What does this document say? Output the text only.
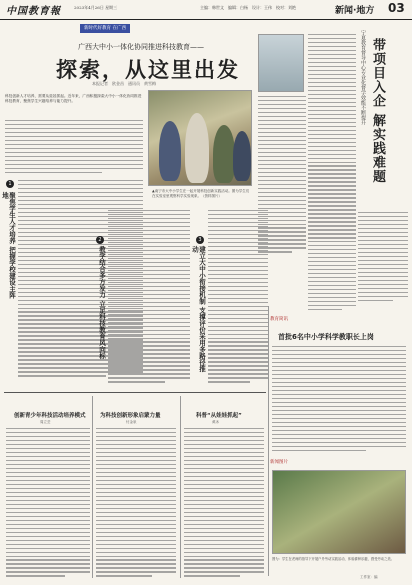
中国教育報	2023年4月26日 星期三	主编：韩世文　编辑：白杨　设计：王伟　校对：刘艳	新闻·地方 03
新时代好教育 在广西
广西大中小一体化协同推进科技教育——
探索，从这里出发
本报记者　欧金昌　通讯员　黄雪梅
科技创新人才培养，需要从娃娃抓起。近年来，广西积极探索大中小一体化协同推进科技教育，聚焦学生兴趣培养与能力提升。
1
聚焦学生人才培养 把握学校建设主阵地
▲南宁市大中小学生在一起开展科技创新实践活动。图为学生们在实验室里观察科学实验现象。（资料图片）
2
教学结合多方发力 立足科技教育风向标
3
建立大中小衔接机制 支撑评价采用多路径推动
宁夏教育督导中心专业化督学效能不断提升 带项目入企 解实践难题
教育简讯
首批6名中小学科学教职长上岗
新闻图片
图为：学生在老师的指导下开展户外劳动实践活动，体验耕种乐趣，感受劳动之美。
创新青少年科技活动培养模式
周立芸
为科技创新形象启蒙力量
付金泉
科普“从娃娃抓起”
黄冰
工作室：编
